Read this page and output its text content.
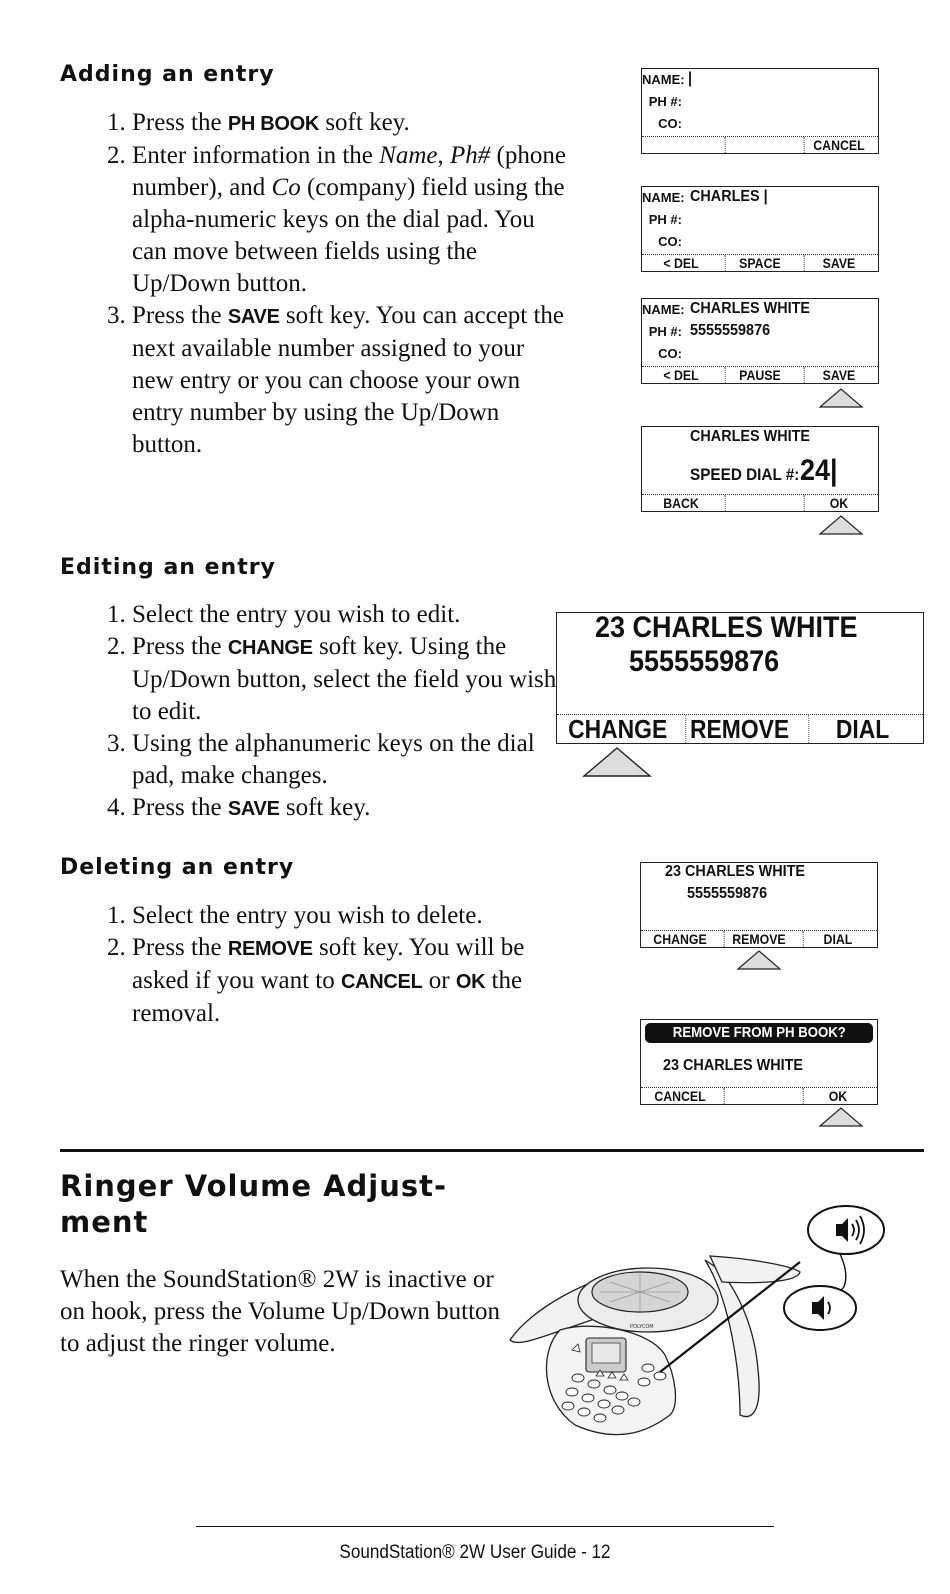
Adding an entry
1. Press the PH BOOK soft key.
2. Enter information in the Name, Ph# (phone number), and Co (company) field using the alpha-numeric keys on the dial pad. You can move between fields using the Up/Down button.
3. Press the SAVE soft key. You can accept the next available number assigned to your new entry or you can choose your own entry number by using the Up/Down button.
Editing an entry
1. Select the entry you wish to edit.
2. Press the CHANGE soft key. Using the Up/Down button, select the field you wish to edit.
3. Using the alphanumeric keys on the dial pad, make changes.
4. Press the SAVE soft key.
Deleting an entry
1. Select the entry you wish to delete.
2. Press the REMOVE soft key. You will be asked if you want to CANCEL or OK the removal.
NAME: |
PH #:
CO:
CANCEL
NAME: CHARLES |
PH #:
CO:
< DEL	SPACE	SAVE
NAME: CHARLES WHITE
PH #: 5555559876
CO:
< DEL	PAUSE	SAVE
CHARLES WHITE
SPEED DIAL #: 24|
BACK	OK
23 CHARLES WHITE
5555559876
CHANGE REMOVE	DIAL
23 CHARLES WHITE
5555559876
CHANGE	REMOVE	DIAL
REMOVE FROM PH BOOK?
23 CHARLES WHITE
CANCEL	OK
Ringer Volume Adjust-
ment

When the SoundStation® 2W is inactive or on hook, press the Volume Up/Down button to adjust the ringer volume.

POLYCOM
SoundStation® 2W User Guide - 12
